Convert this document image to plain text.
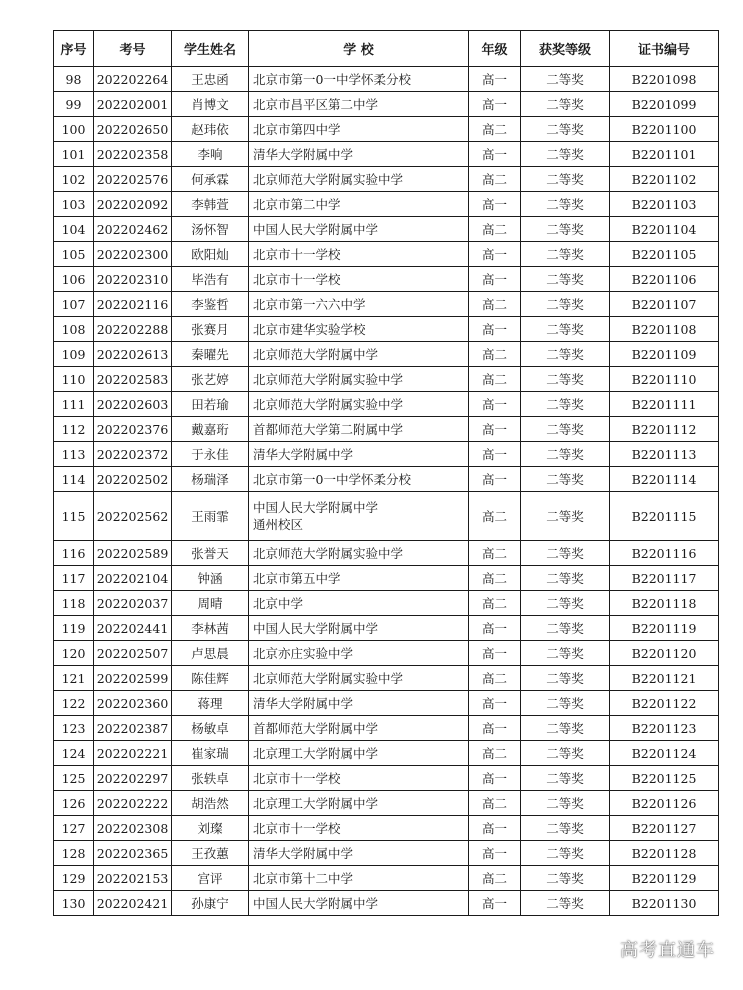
序号	考号	学生姓名	学 校	年级	获奖等级	证书编号
98	202202264	王忠函	北京市第一0一中学怀柔分校	高一	二等奖	B2201098
99	202202001	肖博文	北京市昌平区第二中学	高一	二等奖	B2201099
100	202202650	赵玮依	北京市第四中学	高二	二等奖	B2201100
101	202202358	李响	清华大学附属中学	高一	二等奖	B2201101
102	202202576	何承霖	北京师范大学附属实验中学	高二	二等奖	B2201102
103	202202092	李韩萱	北京市第二中学	高一	二等奖	B2201103
104	202202462	汤怀智	中国人民大学附属中学	高二	二等奖	B2201104
105	202202300	欧阳灿	北京市十一学校	高一	二等奖	B2201105
106	202202310	毕浩有	北京市十一学校	高一	二等奖	B2201106
107	202202116	李鉴哲	北京市第一六六中学	高二	二等奖	B2201107
108	202202288	张赛月	北京市建华实验学校	高一	二等奖	B2201108
109	202202613	秦曜先	北京师范大学附属中学	高二	二等奖	B2201109
110	202202583	张艺婷	北京师范大学附属实验中学	高二	二等奖	B2201110
111	202202603	田若瑜	北京师范大学附属实验中学	高一	二等奖	B2201111
112	202202376	戴嘉珩	首都师范大学第二附属中学	高一	二等奖	B2201112
113	202202372	于永佳	清华大学附属中学	高一	二等奖	B2201113
114	202202502	杨瑞泽	北京市第一0一中学怀柔分校	高一	二等奖	B2201114
115	202202562	王雨霏	中国人民大学附属中学
通州校区	高二	二等奖	B2201115
116	202202589	张誉天	北京师范大学附属实验中学	高二	二等奖	B2201116
117	202202104	钟涵	北京市第五中学	高二	二等奖	B2201117
118	202202037	周晴	北京中学	高二	二等奖	B2201118
119	202202441	李林茜	中国人民大学附属中学	高一	二等奖	B2201119
120	202202507	卢思晨	北京亦庄实验中学	高一	二等奖	B2201120
121	202202599	陈佳辉	北京师范大学附属实验中学	高二	二等奖	B2201121
122	202202360	蒋理	清华大学附属中学	高一	二等奖	B2201122
123	202202387	杨敏卓	首都师范大学附属中学	高一	二等奖	B2201123
124	202202221	崔家瑞	北京理工大学附属中学	高二	二等奖	B2201124
125	202202297	张轶卓	北京市十一学校	高一	二等奖	B2201125
126	202202222	胡浩然	北京理工大学附属中学	高二	二等奖	B2201126
127	202202308	刘璨	北京市十一学校	高一	二等奖	B2201127
128	202202365	王孜蕙	清华大学附属中学	高一	二等奖	B2201128
129	202202153	宫评	北京市第十二中学	高二	二等奖	B2201129
130	202202421	孙康宁	中国人民大学附属中学	高一	二等奖	B2201130
高考直通车
